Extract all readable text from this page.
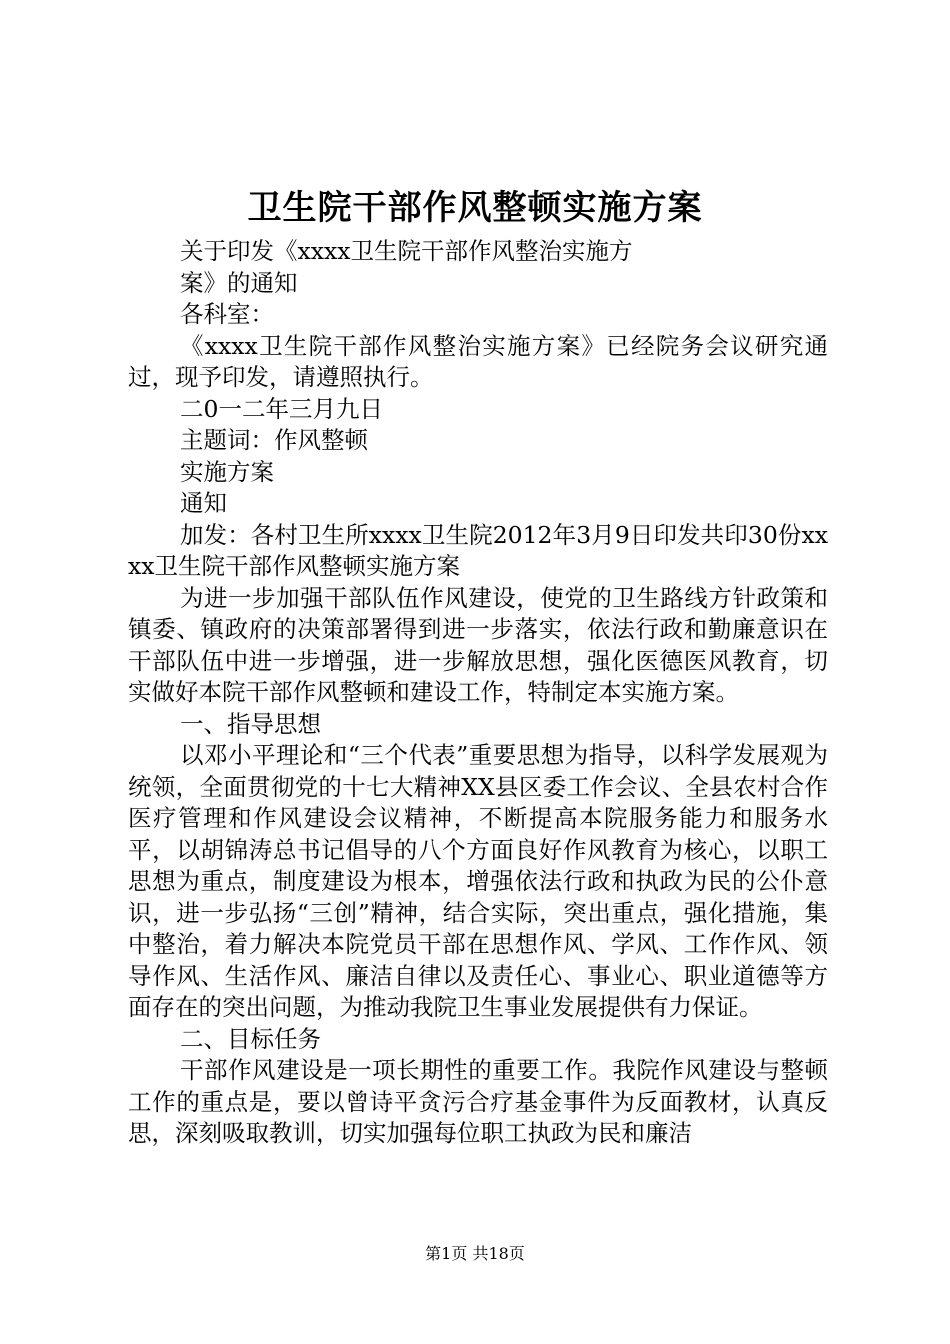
卫生院干部作风整顿实施方案

关于印发《xxxx卫生院干部作风整治实施方

案》的通知

各科室：

《xxxx卫生院干部作风整治实施方案》已经院务会议研究通过，现予印发，请遵照执行。

二0一二年三月九日

主题词：作风整顿

实施方案

通知

加发：各村卫生所xxxx卫生院2012年3月9日印发共印30份xxxx卫生院干部作风整顿实施方案

为进一步加强干部队伍作风建设，使党的卫生路线方针政策和镇委、镇政府的决策部署得到进一步落实，依法行政和勤廉意识在干部队伍中进一步增强，进一步解放思想，强化医德医风教育，切实做好本院干部作风整顿和建设工作，特制定本实施方案。

一、指导思想

以邓小平理论和“三个代表”重要思想为指导，以科学发展观为统领，全面贯彻党的十七大精神XX县区委工作会议、全县农村合作医疗管理和作风建设会议精神，不断提高本院服务能力和服务水平，以胡锦涛总书记倡导的八个方面良好作风教育为核心，以职工思想为重点，制度建设为根本，增强依法行政和执政为民的公仆意识，进一步弘扬“三创”精神，结合实际，突出重点，强化措施，集中整治，着力解决本院党员干部在思想作风、学风、工作作风、领导作风、生活作风、廉洁自律以及责任心、事业心、职业道德等方面存在的突出问题，为推动我院卫生事业发展提供有力保证。

二、目标任务

干部作风建设是一项长期性的重要工作。我院作风建设与整顿工作的重点是，要以曾诗平贪污合疗基金事件为反面教材，认真反思，深刻吸取教训，切实加强每位职工执政为民和廉洁

第1页 共18页
